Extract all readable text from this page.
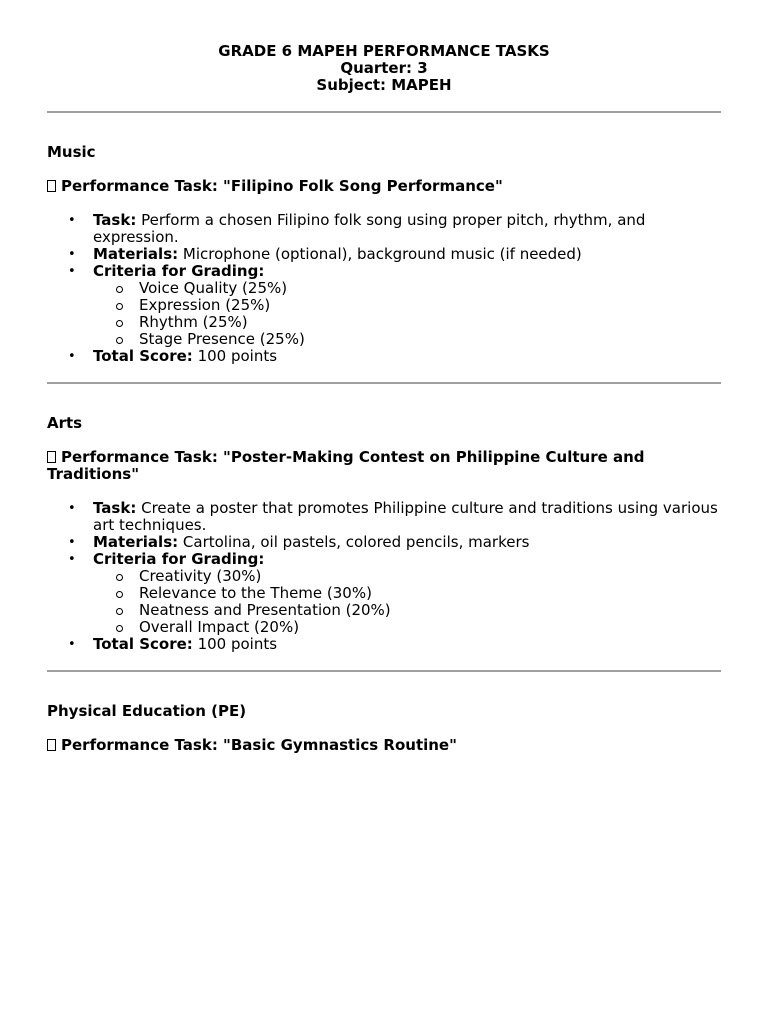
GRADE 6 MAPEH PERFORMANCE TASKS
Quarter: 3
Subject: MAPEH
Music
Performance Task: "Filipino Folk Song Performance"
• Task: Perform a chosen Filipino folk song using proper pitch, rhythm, and expression.
• Materials: Microphone (optional), background music (if needed)
• Criteria for Grading:
Voice Quality (25%)
Expression (25%)
Rhythm (25%)
Stage Presence (25%)
• Total Score: 100 points
Arts
Performance Task: "Poster-Making Contest on Philippine Culture and Traditions"
• Task: Create a poster that promotes Philippine culture and traditions using various art techniques.
• Materials: Cartolina, oil pastels, colored pencils, markers
• Criteria for Grading:
Creativity (30%)
Relevance to the Theme (30%)
Neatness and Presentation (20%)
Overall Impact (20%)
• Total Score: 100 points
Physical Education (PE)
Performance Task: "Basic Gymnastics Routine"
